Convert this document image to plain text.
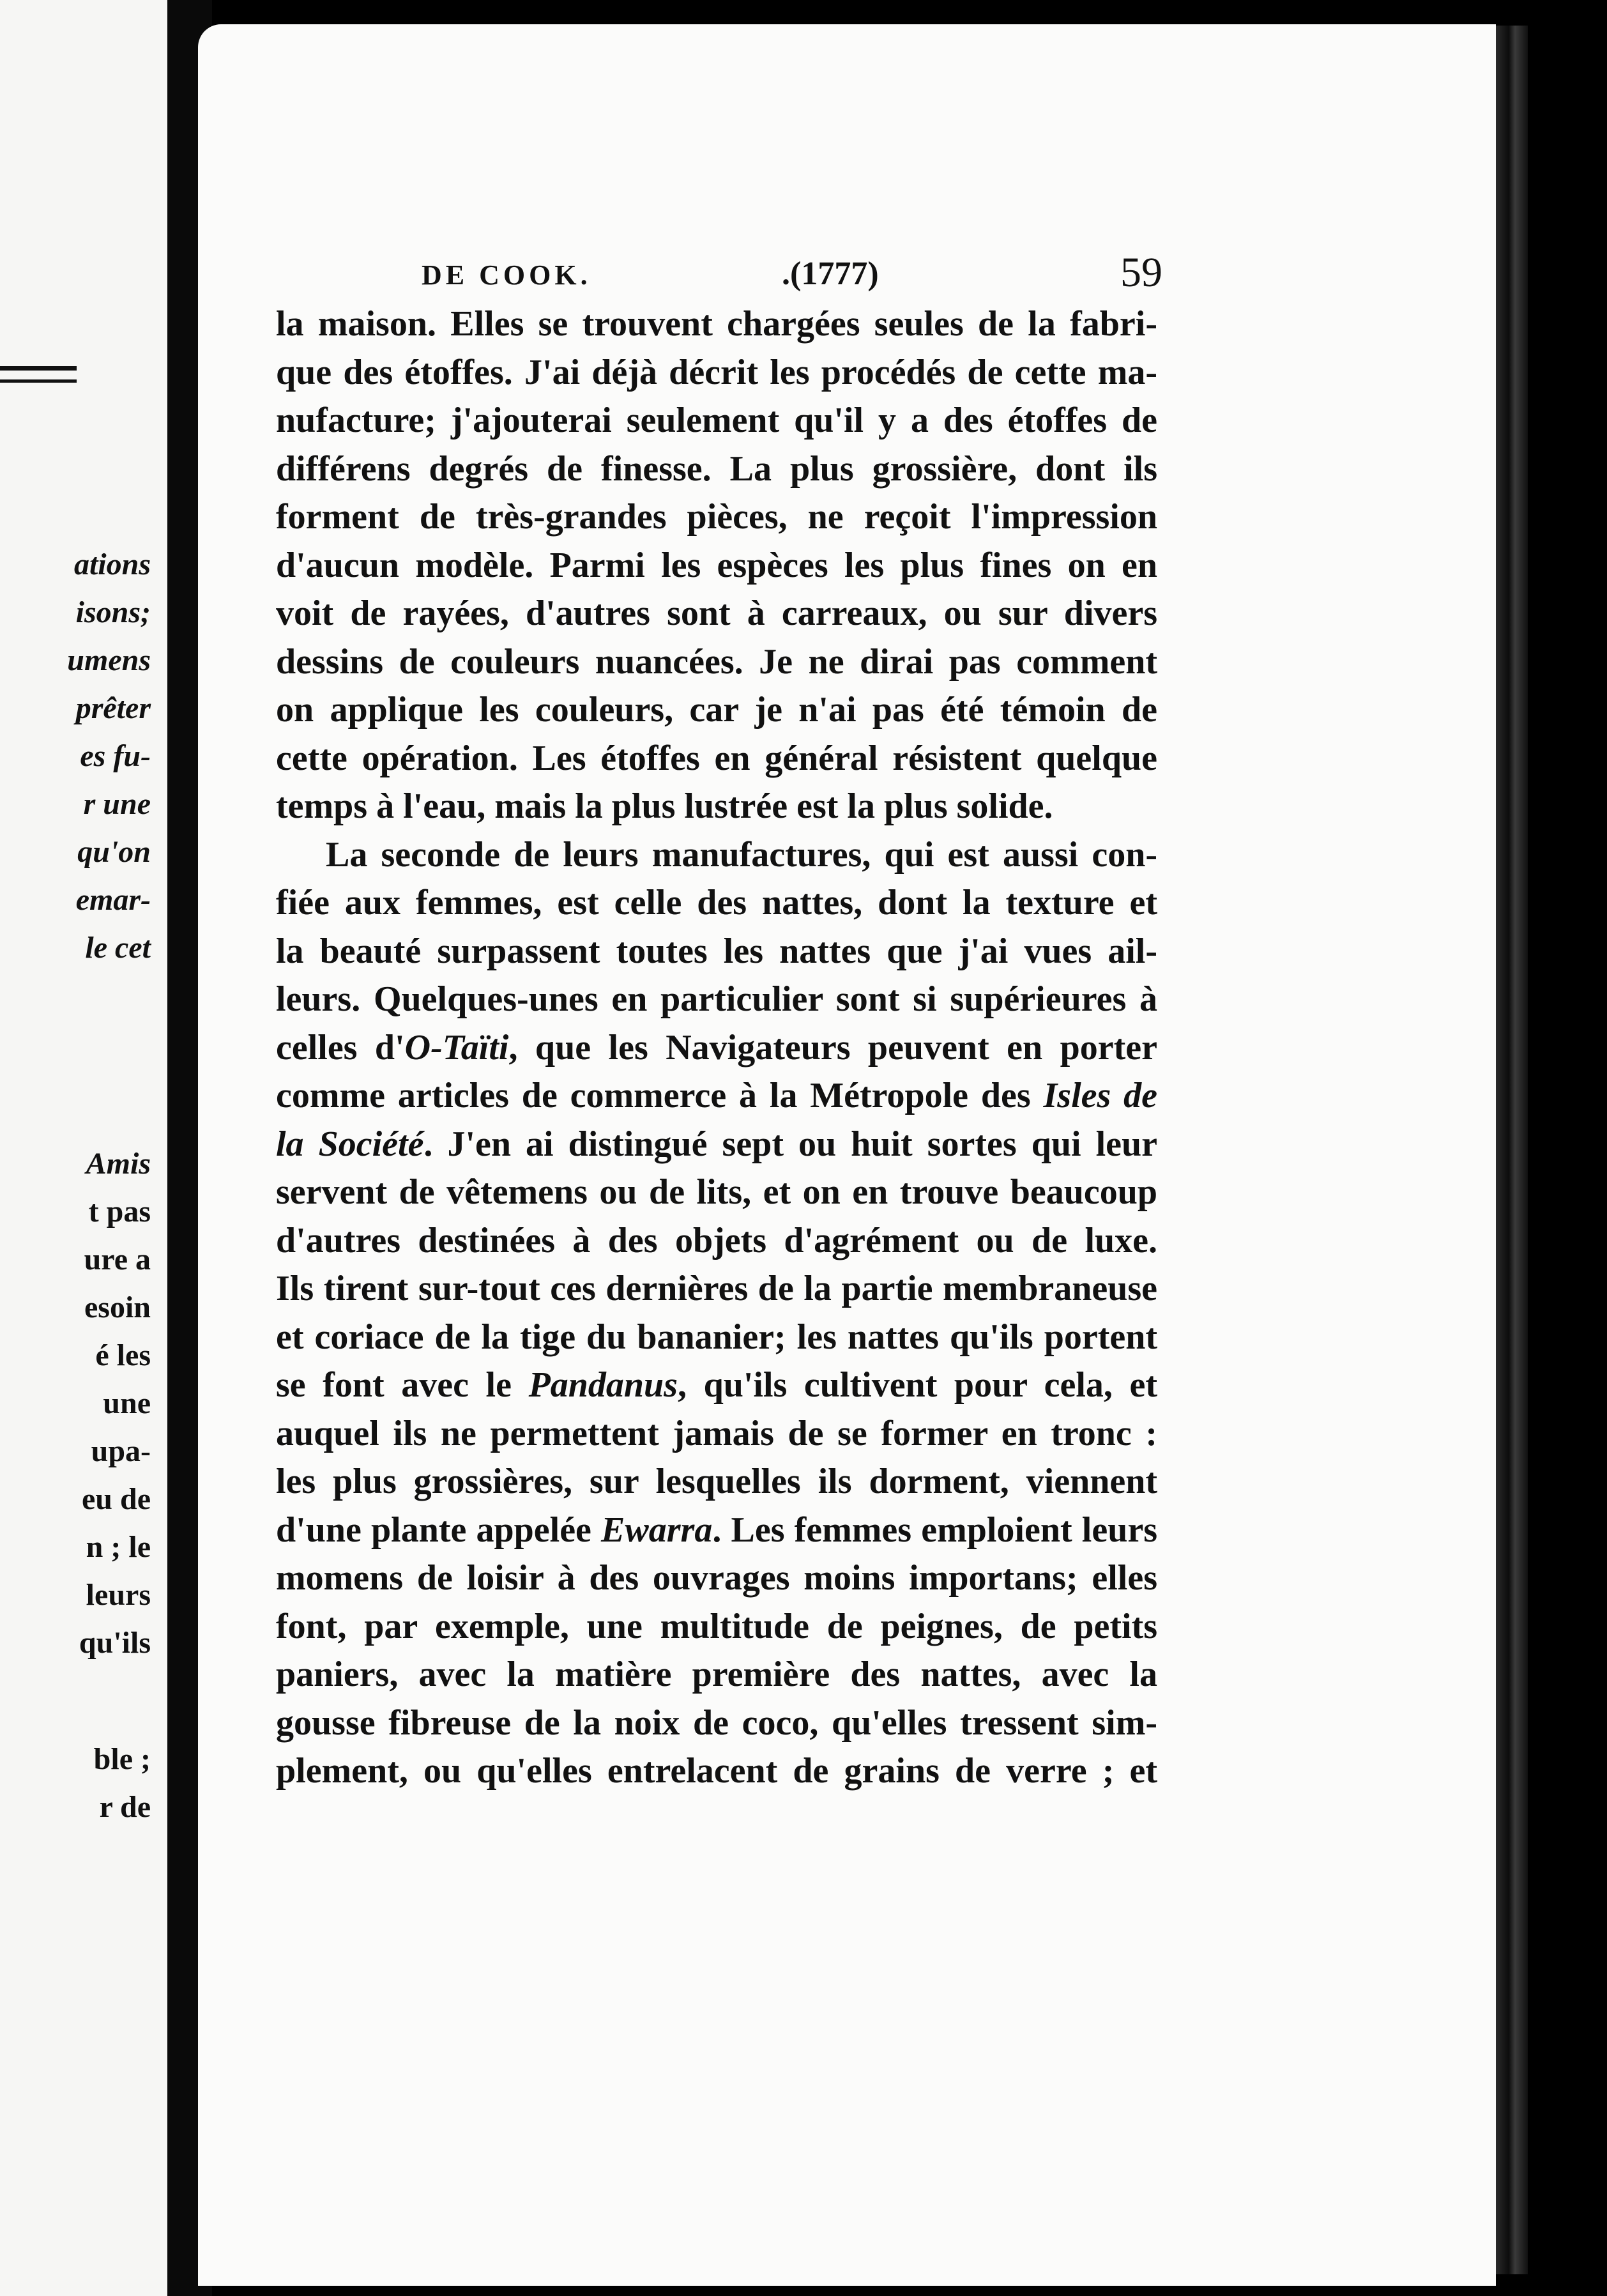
ations
isons;
umens
prêter
es fu-
r une
qu'on
emar-
le cet
Amis
t pas
ure a
esoin
é les
une
upa-
eu de
n ; le
leurs
qu'ils
ble ;
r de
DE COOK.	.(1777)	59
la maison. Elles se trouvent chargées seules de la fabri-
que des étoffes. J'ai déjà décrit les procédés de cette ma-
nufacture; j'ajouterai seulement qu'il y a des étoffes de
différens degrés de finesse. La plus grossière, dont ils
forment de très-grandes pièces, ne reçoit l'impression
d'aucun modèle. Parmi les espèces les plus fines on en
voit de rayées, d'autres sont à carreaux, ou sur divers
dessins de couleurs nuancées. Je ne dirai pas comment
on applique les couleurs, car je n'ai pas été témoin de
cette opération. Les étoffes en général résistent quelque
temps à l'eau, mais la plus lustrée est la plus solide.
La seconde de leurs manufactures, qui est aussi con-
fiée aux femmes, est celle des nattes, dont la texture et
la beauté surpassent toutes les nattes que j'ai vues ail-
leurs. Quelques-unes en particulier sont si supérieures à
celles d'O-Taïti, que les Navigateurs peuvent en porter
comme articles de commerce à la Métropole des Isles de
la Société. J'en ai distingué sept ou huit sortes qui leur
servent de vêtemens ou de lits, et on en trouve beaucoup
d'autres destinées à des objets d'agrément ou de luxe.
Ils tirent sur-tout ces dernières de la partie membraneuse
et coriace de la tige du bananier; les nattes qu'ils portent
se font avec le Pandanus, qu'ils cultivent pour cela, et
auquel ils ne permettent jamais de se former en tronc :
les plus grossières, sur lesquelles ils dorment, viennent
d'une plante appelée Ewarra. Les femmes emploient leurs
momens de loisir à des ouvrages moins importans; elles
font, par exemple, une multitude de peignes, de petits
paniers, avec la matière première des nattes, avec la
gousse fibreuse de la noix de coco, qu'elles tressent sim-
plement, ou qu'elles entrelacent de grains de verre ; et
